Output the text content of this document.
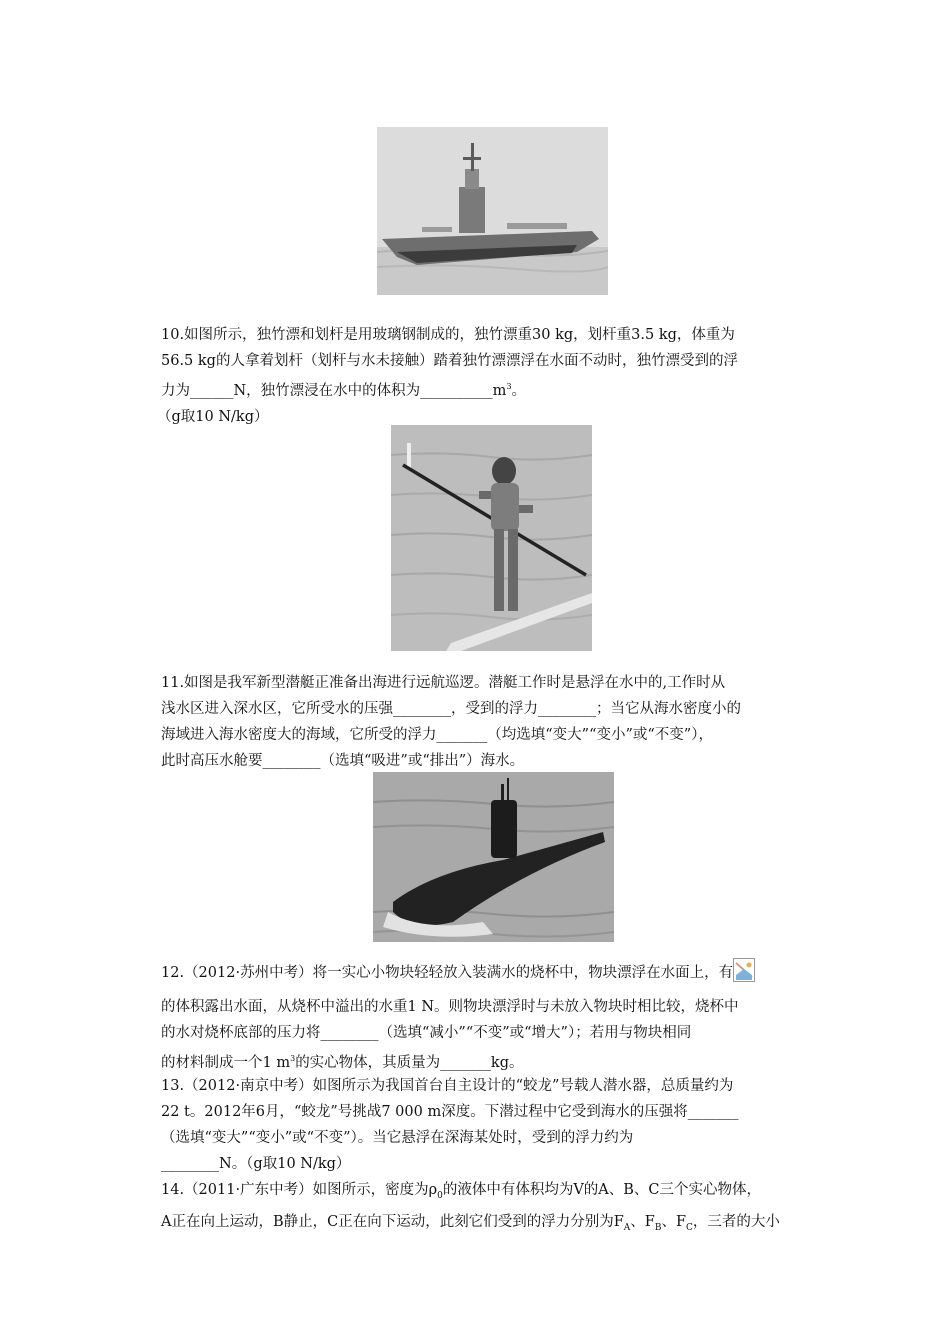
10.如图所示，独竹漂和划杆是用玻璃钢制成的，独竹漂重30 kg，划杆重3.5 kg，体重为
56.5 kg的人拿着划杆（划杆与水未接触）踏着独竹漂漂浮在水面不动时，独竹漂受到的浮
力为______N，独竹漂浸在水中的体积为$\_\_\_\_\_\_\_\_\_\_m^3$。
（g取10 N/kg）
11.如图是我军新型潜艇正准备出海进行远航巡逻。潜艇工作时是悬浮在水中的,工作时从
浅水区进入深水区，它所受水的压强________，受到的浮力________；当它从海水密度小的
海域进入海水密度大的海域，它所受的浮力_______（均选填“变大”“变小”或“不变”），
此时高压水舱要________（选填“吸进”或“排出”）海水。
12.（2012·苏州中考）将一实心小物块轻轻放入装满水的烧杯中，物块漂浮在水面上，有
的体积露出水面，从烧杯中溢出的水重1 N。则物块漂浮时与未放入物块时相比较，烧杯中
的水对烧杯底部的压力将________（选填“减小”“不变”或“增大”）；若用与物块相同
的材料制成一个1 $m^3$的实心物体，其质量为_______kg。
13.（2012·南京中考）如图所示为我国首台自主设计的“蛟龙”号载人潜水器，总质量约为
22 t。2012年6月，“蛟龙”号挑战7 000 m深度。下潜过程中它受到海水的压强将_______
（选填“变大”“变小”或“不变”）。当它悬浮在深海某处时，受到的浮力约为
________N。（g取10 N/kg）
14.（2011·广东中考）如图所示，密度为$\rho_0$的液体中有体积均为V的A、B、C三个实心物体，
A正在向上运动，B静止，C正在向下运动，此刻它们受到的浮力分别为$F_A$、$F_B$、$F_C$，三者的大小
